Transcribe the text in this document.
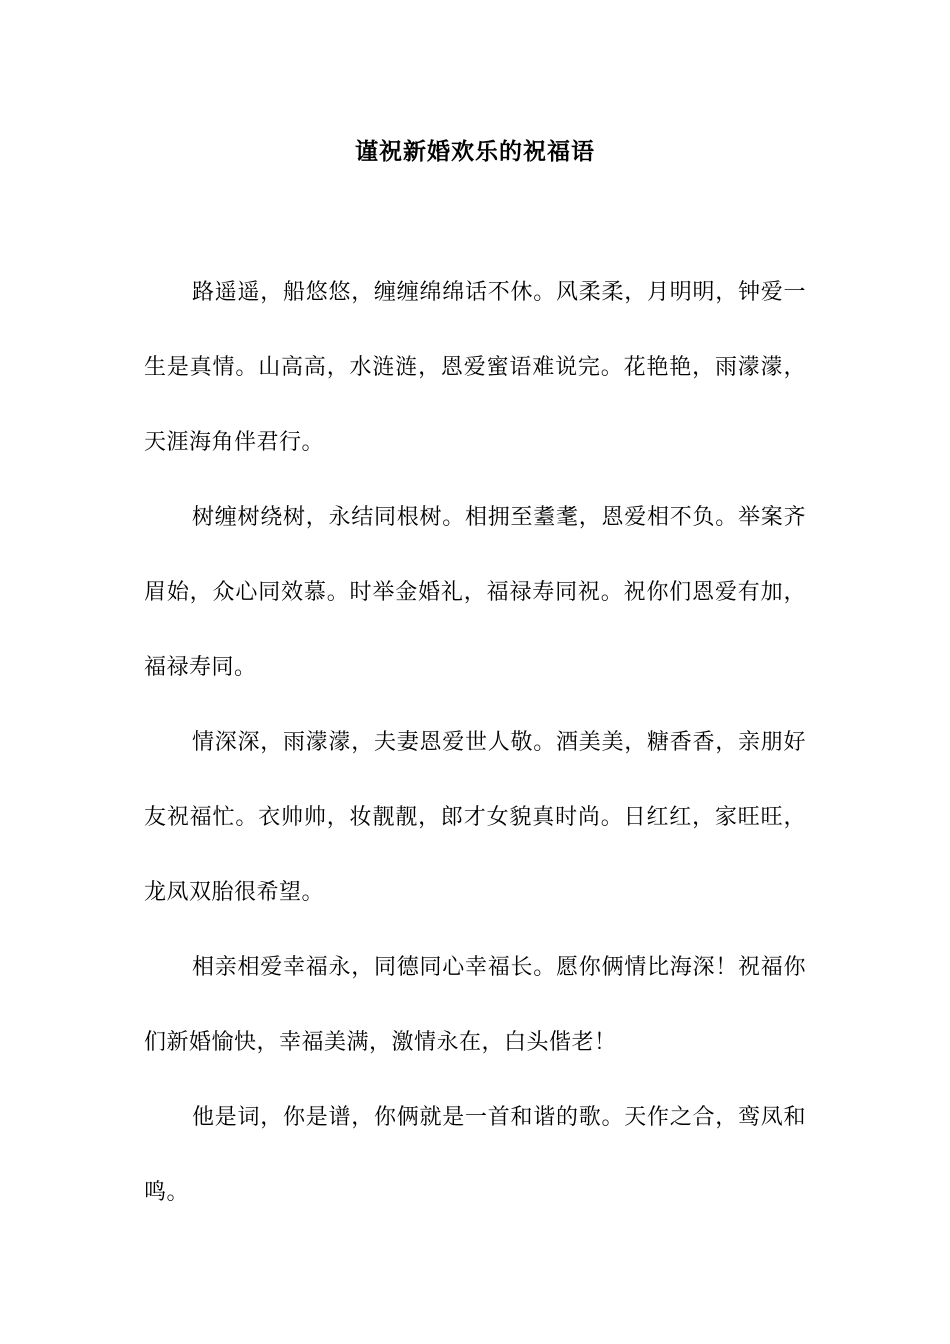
谨祝新婚欢乐的祝福语

路遥遥，船悠悠，缠缠绵绵话不休。风柔柔，月明明，钟爱一生是真情。山高高，水涟涟，恩爱蜜语难说完。花艳艳，雨濛濛，天涯海角伴君行。

树缠树绕树，永结同根树。相拥至耋耄，恩爱相不负。举案齐眉始，众心同效慕。时举金婚礼，福禄寿同祝。祝你们恩爱有加，福禄寿同。

情深深，雨濛濛，夫妻恩爱世人敬。酒美美，糖香香，亲朋好友祝福忙。衣帅帅，妆靓靓，郎才女貌真时尚。日红红，家旺旺，龙凤双胎很希望。

相亲相爱幸福永，同德同心幸福长。愿你俩情比海深！祝福你们新婚愉快，幸福美满，激情永在，白头偕老！

他是词，你是谱，你俩就是一首和谐的歌。天作之合，鸾凤和鸣。
